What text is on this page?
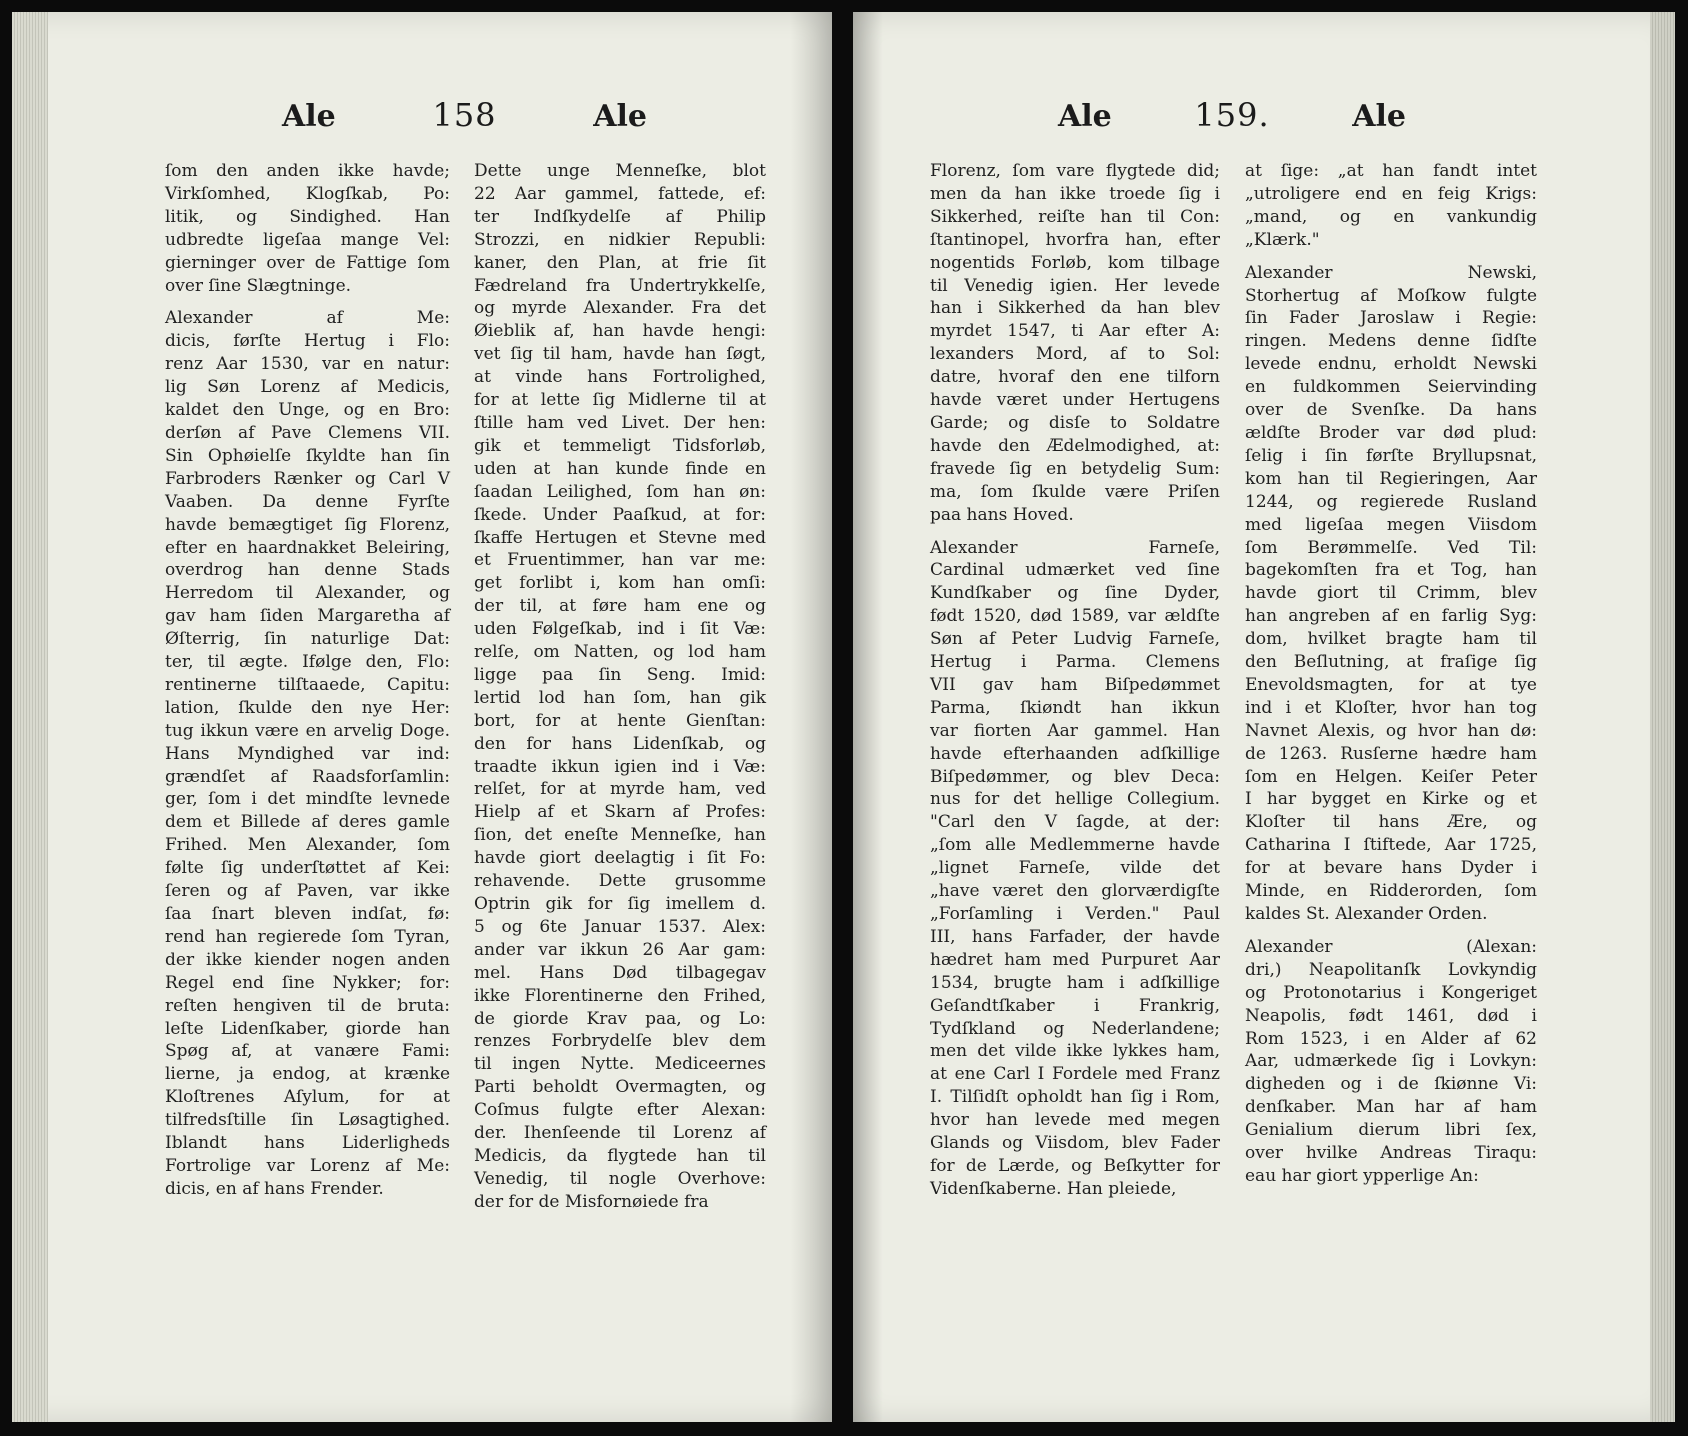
Ale	158	Ale	Ale	159.	Ale
ſom den anden ikke havde;
Virkſomhed, Klogſkab, Po:
litik, og Sindighed. Han
udbredte ligeſaa mange Vel:
gierninger over de Fattige ſom
over ſine Slægtninge.
Alexander af Me:
dicis, førſte Hertug i Flo:
renz Aar 1530, var en natur:
lig Søn Lorenz af Medicis,
kaldet den Unge, og en Bro:
derſøn af Pave Clemens VII.
Sin Ophøielſe ſkyldte han ſin
Farbroders Rænker og Carl V
Vaaben. Da denne Fyrſte
havde bemægtiget ſig Florenz,
efter en haardnakket Beleiring,
overdrog han denne Stads
Herredom til Alexander, og
gav ham ſiden Margaretha af
Øſterrig, ſin naturlige Dat:
ter, til ægte. Ifølge den, Flo:
rentinerne tilſtaaede, Capitu:
lation, ſkulde den nye Her:
tug ikkun være en arvelig Doge.
Hans Myndighed var ind:
grændſet af Raadsforſamlin:
ger, ſom i det mindſte levnede
dem et Billede af deres gamle
Frihed. Men Alexander, ſom
følte ſig underſtøttet af Kei:
ſeren og af Paven, var ikke
ſaa ſnart bleven indſat, fø:
rend han regierede ſom Tyran,
der ikke kiender nogen anden
Regel end ſine Nykker; for:
reſten hengiven til de bruta:
leſte Lidenſkaber, giorde han
Spøg af, at vanære Fami:
lierne, ja endog, at krænke
Kloſtrenes Aſylum, for at
tilfredsſtille ſin Løsagtighed.
Iblandt hans Liderligheds
Fortrolige var Lorenz af Me:
dicis, en af hans Frender.
Dette unge Menneſke, blot
22 Aar gammel, fattede, ef:
ter Indſkydelſe af Philip
Strozzi, en nidkier Republi:
kaner, den Plan, at frie ſit
Fædreland fra Undertrykkelſe,
og myrde Alexander. Fra det
Øieblik af, han havde hengi:
vet ſig til ham, havde han ſøgt,
at vinde hans Fortrolighed,
for at lette ſig Midlerne til at
ſtille ham ved Livet. Der hen:
gik et temmeligt Tidsforløb,
uden at han kunde finde en
ſaadan Leilighed, ſom han øn:
ſkede. Under Paaſkud, at for:
ſkaffe Hertugen et Stevne med
et Fruentimmer, han var me:
get forlibt i, kom han omſi:
der til, at føre ham ene og
uden Følgeſkab, ind i ſit Væ:
relſe, om Natten, og lod ham
ligge paa ſin Seng. Imid:
lertid lod han ſom, han gik
bort, for at hente Gienſtan:
den for hans Lidenſkab, og
traadte ikkun igien ind i Væ:
relſet, for at myrde ham, ved
Hielp af et Skarn af Profes:
ſion, det eneſte Menneſke, han
havde giort deelagtig i ſit Fo:
rehavende. Dette grusomme
Optrin gik for ſig imellem d.
5 og 6te Januar 1537. Alex:
ander var ikkun 26 Aar gam:
mel. Hans Død tilbagegav
ikke Florentinerne den Frihed,
de giorde Krav paa, og Lo:
renzes Forbrydelſe blev dem
til ingen Nytte. Mediceernes
Parti beholdt Overmagten, og
Coſmus fulgte efter Alexan:
der. Ihenſeende til Lorenz af
Medicis, da flygtede han til
Venedig, til nogle Overhove:
der for de Misfornøiede fra
Florenz, ſom vare flygtede did;
men da han ikke troede ſig i
Sikkerhed, reiſte han til Con:
ſtantinopel, hvorfra han, efter
nogentids Forløb, kom tilbage
til Venedig igien. Her levede
han i Sikkerhed da han blev
myrdet 1547, ti Aar efter A:
lexanders Mord, af to Sol:
datre, hvoraf den ene tilforn
havde været under Hertugens
Garde; og disſe to Soldatre
havde den Ædelmodighed, at:
fravede ſig en betydelig Sum:
ma, ſom ſkulde være Priſen
paa hans Hoved.
Alexander Farneſe,
Cardinal udmærket ved ſine
Kundſkaber og ſine Dyder,
født 1520, død 1589, var ældſte
Søn af Peter Ludvig Farneſe,
Hertug i Parma. Clemens
VII gav ham Biſpedømmet
Parma, ſkiøndt han ikkun
var fiorten Aar gammel. Han
havde efterhaanden adſkillige
Biſpedømmer, og blev Deca:
nus for det hellige Collegium.
"Carl den V ſagde, at der:
„ſom alle Medlemmerne havde
„lignet Farneſe, vilde det
„have været den glorværdigſte
„Forſamling i Verden." Paul
III, hans Farfader, der havde
hædret ham med Purpuret Aar
1534, brugte ham i adſkillige
Geſandtſkaber i Frankrig,
Tydſkland og Nederlandene;
men det vilde ikke lykkes ham,
at ene Carl I Fordele med Franz
I. Tilſidſt opholdt han ſig i Rom,
hvor han levede med megen
Glands og Viisdom, blev Fader
for de Lærde, og Beſkytter for
Videnſkaberne. Han pleiede,
at ſige: „at han fandt intet
„utroligere end en feig Krigs:
„mand, og en vankundig
„Klærk."
Alexander Newski,
Storhertug af Moſkow fulgte
ſin Fader Jaroslaw i Regie:
ringen. Medens denne ſidſte
levede endnu, erholdt Newski
en fuldkommen Seiervinding
over de Svenſke. Da hans
ældſte Broder var død plud:
ſelig i ſin førſte Bryllupsnat,
kom han til Regieringen, Aar
1244, og regierede Rusland
med ligeſaa megen Viisdom
ſom Berømmelſe. Ved Til:
bagekomſten fra et Tog, han
havde giort til Crimm, blev
han angreben af en farlig Syg:
dom, hvilket bragte ham til
den Beſlutning, at fraſige ſig
Enevoldsmagten, for at tye
ind i et Kloſter, hvor han tog
Navnet Alexis, og hvor han dø:
de 1263. Rusſerne hædre ham
ſom en Helgen. Keiſer Peter
I har bygget en Kirke og et
Kloſter til hans Ære, og
Catharina I ſtiftede, Aar 1725,
for at bevare hans Dyder i
Minde, en Ridderorden, ſom
kaldes St. Alexander Orden.
Alexander (Alexan:
dri,) Neapolitanſk Lovkyndig
og Protonotarius i Kongeriget
Neapolis, født 1461, død i
Rom 1523, i en Alder af 62
Aar, udmærkede ſig i Lovkyn:
digheden og i de ſkiønne Vi:
denſkaber. Man har af ham
Genialium dierum libri ſex,
over hvilke Andreas Tiraqu:
eau har giort ypperlige An:
